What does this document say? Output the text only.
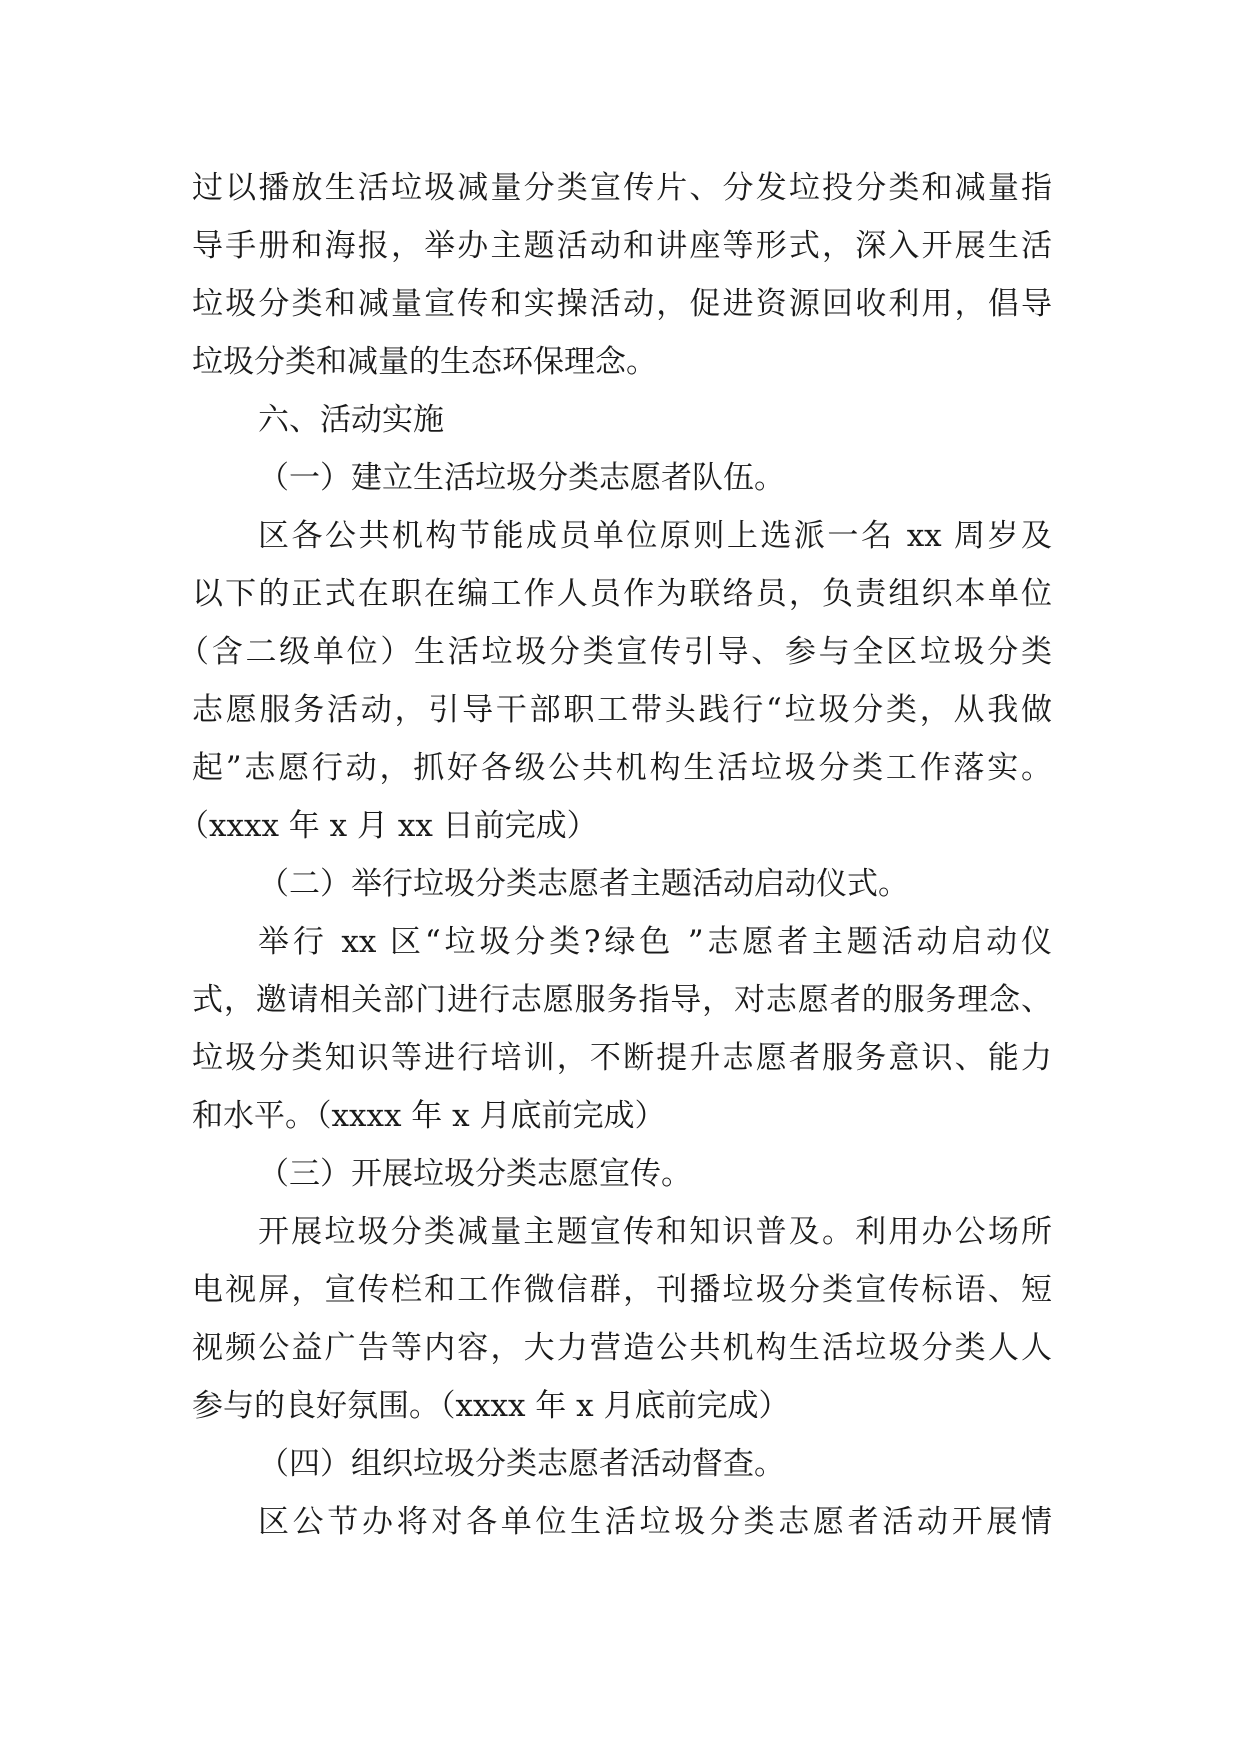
过以播放生活垃圾减量分类宣传片、分发垃投分类和减量指
导手册和海报，举办主题活动和讲座等形式，深入开展生活
垃圾分类和减量宣传和实操活动，促进资源回收利用，倡导
垃圾分类和减量的生态环保理念。
六、活动实施
（一）建立生活垃圾分类志愿者队伍。
区各公共机构节能成员单位原则上选派一名 xx 周岁及
以下的正式在职在编工作人员作为联络员，负责组织本单位
（含二级单位）生活垃圾分类宣传引导、参与全区垃圾分类
志愿服务活动，引导干部职工带头践行“垃圾分类，从我做
起”志愿行动，抓好各级公共机构生活垃圾分类工作落实。
（xxxx 年 x 月 xx 日前完成）
（二）举行垃圾分类志愿者主题活动启动仪式。
举行 xx 区“垃圾分类?绿色 ”志愿者主题活动启动仪
式，邀请相关部门进行志愿服务指导，对志愿者的服务理念、
垃圾分类知识等进行培训，不断提升志愿者服务意识、能力
和水平。（xxxx 年 x 月底前完成）
（三）开展垃圾分类志愿宣传。
开展垃圾分类减量主题宣传和知识普及。利用办公场所
电视屏，宣传栏和工作微信群，刊播垃圾分类宣传标语、短
视频公益广告等内容，大力营造公共机构生活垃圾分类人人
参与的良好氛围。（xxxx 年 x 月底前完成）
（四）组织垃圾分类志愿者活动督查。
区公节办将对各单位生活垃圾分类志愿者活动开展情
